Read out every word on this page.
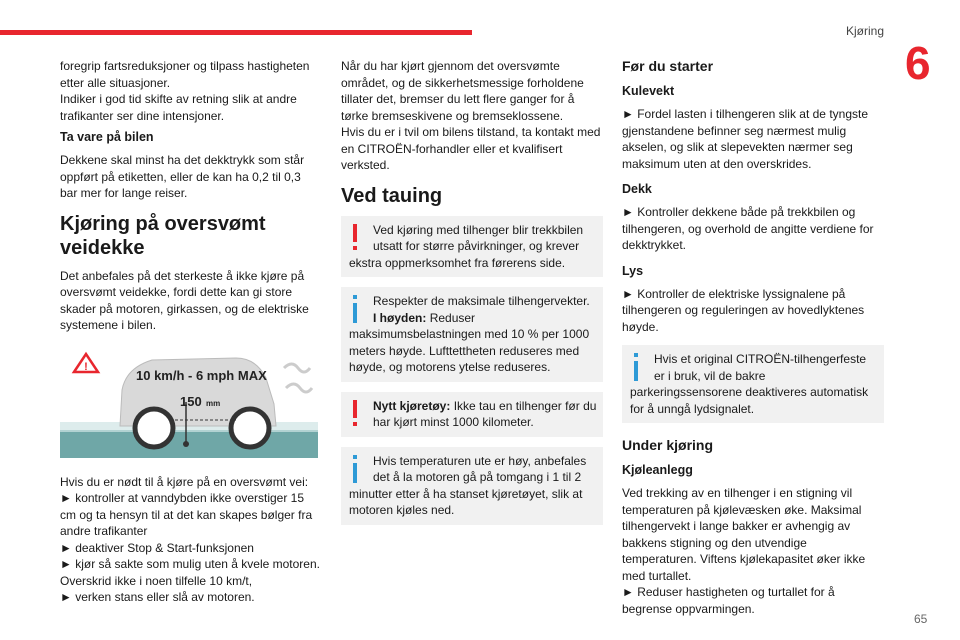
Kjøring
6
65

foregrip fartsreduksjoner og tilpass hastigheten etter alle situasjoner.
Indiker i god tid skifte av retning slik at andre trafikanter ser dine intensjoner.

Ta vare på bilen

Dekkene skal minst ha det dekktrykk som står oppført på etiketten, eller de kan ha 0,2 til 0,3 bar mer for lange reiser.

Kjøring på oversvømt veidekke

Det anbefales på det sterkeste å ikke kjøre på oversvømt veidekke, fordi dette kan gi store skader på motoren, girkassen, og de elektriske systemene i bilen.

!
10 km/h - 6 mph MAX
150 mm

Hvis du er nødt til å kjøre på en oversvømt vei:
► kontroller at vanndybden ikke overstiger 15 cm og ta hensyn til at det kan skapes bølger fra andre trafikanter
► deaktiver Stop & Start-funksjonen
► kjør så sakte som mulig uten å kvele motoren. Overskrid ikke i noen tilfelle 10 km/t,
► verken stans eller slå av motoren.

Når du har kjørt gjennom det oversvømte området, og de sikkerhetsmessige forholdene tillater det, bremser du lett flere ganger for å tørke bremseskivene og bremseklossene.
Hvis du er i tvil om bilens tilstand, ta kontakt med en CITROËN-forhandler eller et kvalifisert verksted.

Ved tauing
Ved kjøring med tilhenger blir trekkbilen utsatt for større påvirkninger, og krever ekstra oppmerksomhet fra førerens side.
Respekter de maksimale tilhengervekter.
I høyden: Reduser maksimumsbelastningen med 10 % per 1000 meters høyde. Lufttettheten reduseres med høyde, og motorens ytelse reduseres.
Nytt kjøretøy: Ikke tau en tilhenger før du har kjørt minst 1000 kilometer.
Hvis temperaturen ute er høy, anbefales det å la motoren gå på tomgang i 1 til 2 minutter etter å ha stanset kjøretøyet, slik at motoren kjøles ned.
Før du starter
Kulevekt

► Fordel lasten i tilhengeren slik at de tyngste gjenstandene befinner seg nærmest mulig akselen, og slik at slepevekten nærmer seg maksimum uten at den overskrides.

Dekk

► Kontroller dekkene både på trekkbilen og tilhengeren, og overhold de angitte verdiene for dekktrykket.

Lys

► Kontroller de elektriske lyssignalene på tilhengeren og reguleringen av hovedlyktenes høyde.

Hvis et original CITROËN-tilhengerfeste er i bruk, vil de bakre parkeringssensorene deaktiveres automatisk for å unngå lydsignalet.
Under kjøring
Kjøleanlegg

Ved trekking av en tilhenger i en stigning vil temperaturen på kjølevæsken øke. Maksimal tilhengervekt i lange bakker er avhengig av bakkens stigning og den utvendige temperaturen. Viftens kjølekapasitet øker ikke med turtallet.
► Reduser hastigheten og turtallet for å begrense oppvarmingen.
